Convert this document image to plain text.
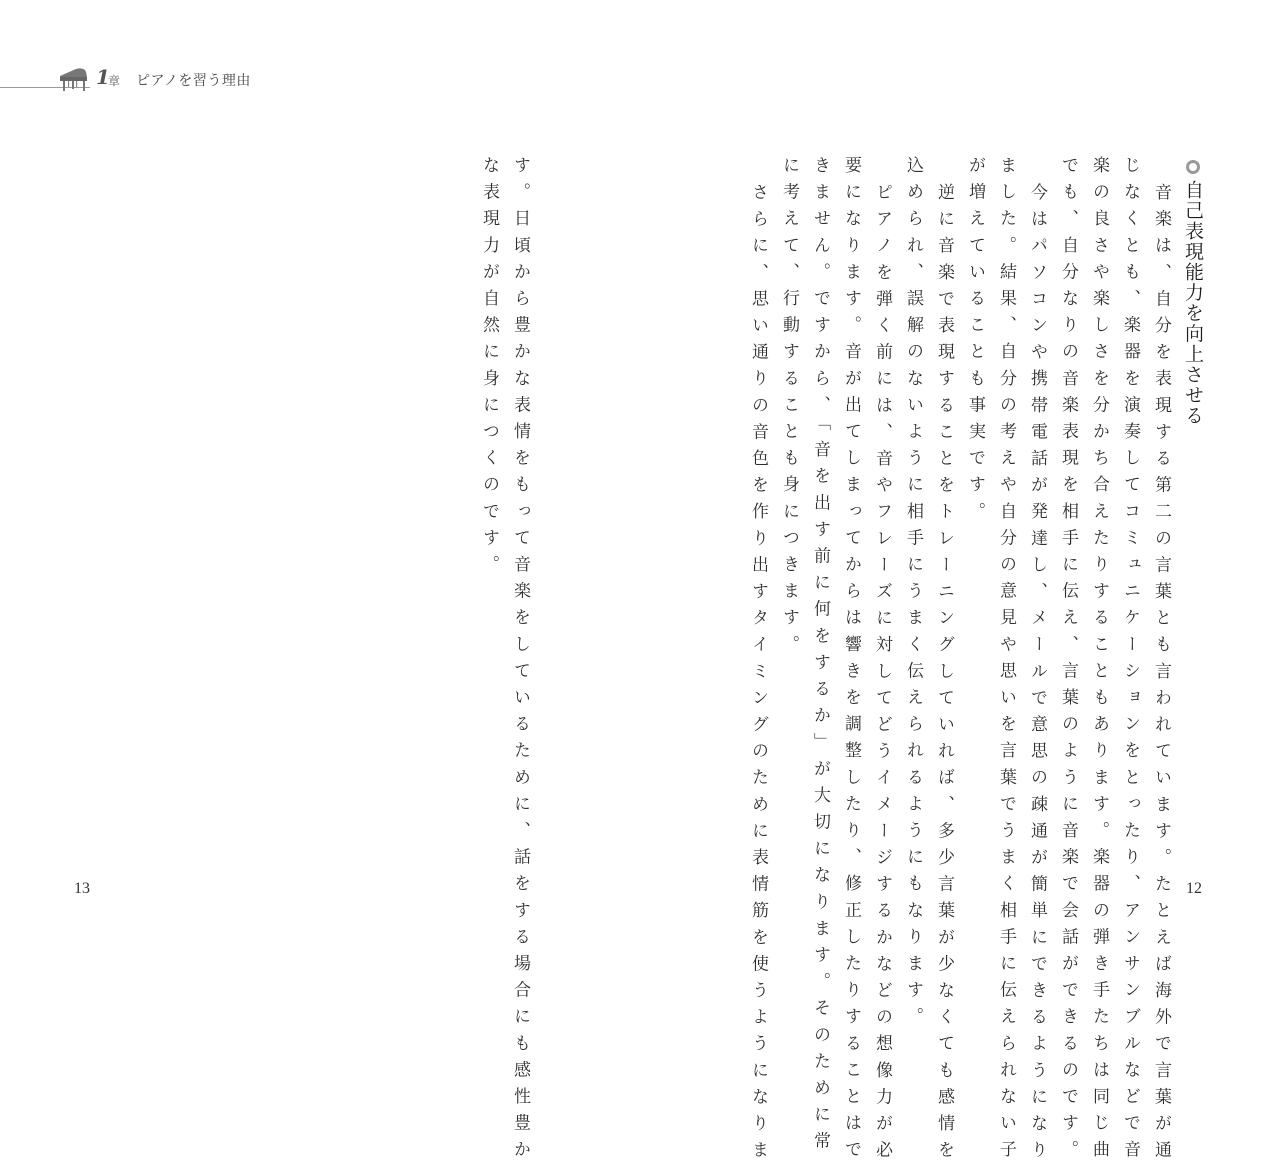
1
章 ピアノを習う理由
自己表現能力を向上させる
音楽は、自分を表現する第二の言葉とも言われています。たとえば海外で言葉が通
じなくとも、楽器を演奏してコミュニケーションをとったり、アンサンブルなどで音
楽の良さや楽しさを分かち合えたりすることもあります。楽器の弾き手たちは同じ曲
でも、自分なりの音楽表現を相手に伝え、言葉のように音楽で会話ができるのです。
今はパソコンや携帯電話が発達し、メールで意思の疎通が簡単にできるようになり
ました。結果、自分の考えや自分の意見や思いを言葉でうまく相手に伝えられない子
が増えていることも事実です。
逆に音楽で表現することをトレーニングしていれば、多少言葉が少なくても感情を
込められ、誤解のないように相手にうまく伝えられるようにもなります。
ピアノを弾く前には、音やフレーズに対してどうイメージするかなどの想像力が必
要になります。音が出てしまってからは響きを調整したり、修正したりすることはで
きません。ですから、「音を出す前に何をするか」が大切になります。そのために常
に考えて、行動することも身につきます。
さらに、思い通りの音色を作り出すタイミングのために表情筋を使うようになりま
す。日頃から豊かな表情をもって音楽をしているために、話をする場合にも感性豊か
な表現力が自然に身につくのです。
13	12
